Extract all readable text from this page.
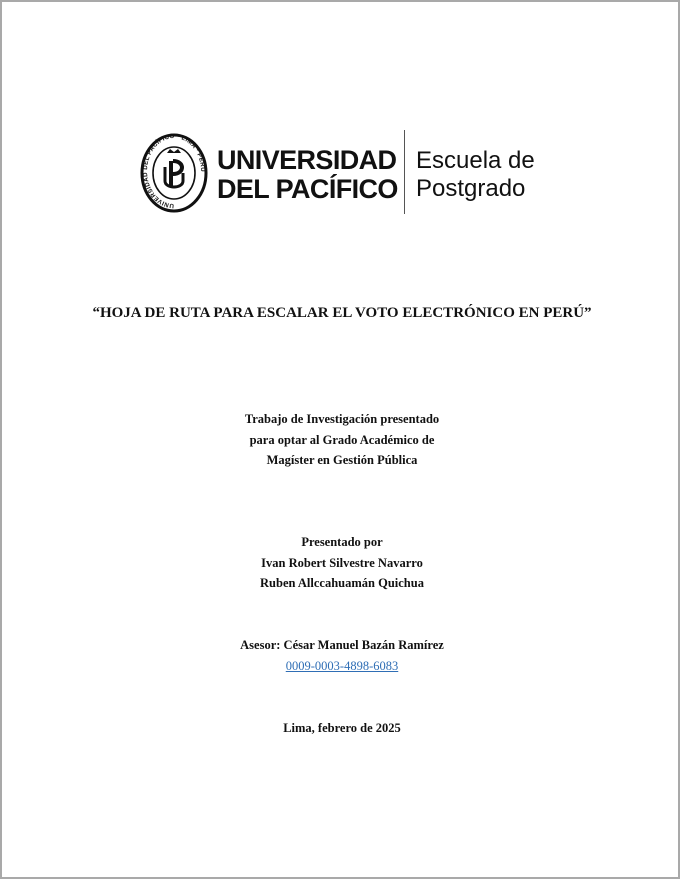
UNIVERSIDAD DEL PACÍFICO · LIMA · PERÚ UNIVERSIDAD
DEL PACÍFICO
Escuela de
Postgrado
“HOJA DE RUTA PARA ESCALAR EL VOTO ELECTRÓNICO EN PERÚ”
Trabajo de Investigación presentado
para optar al Grado Académico de
Magíster en Gestión Pública
Presentado por
Ivan Robert Silvestre Navarro
Ruben Allccahuamán Quichua
Asesor: César Manuel Bazán Ramírez
0009-0003-4898-6083
Lima, febrero de 2025
